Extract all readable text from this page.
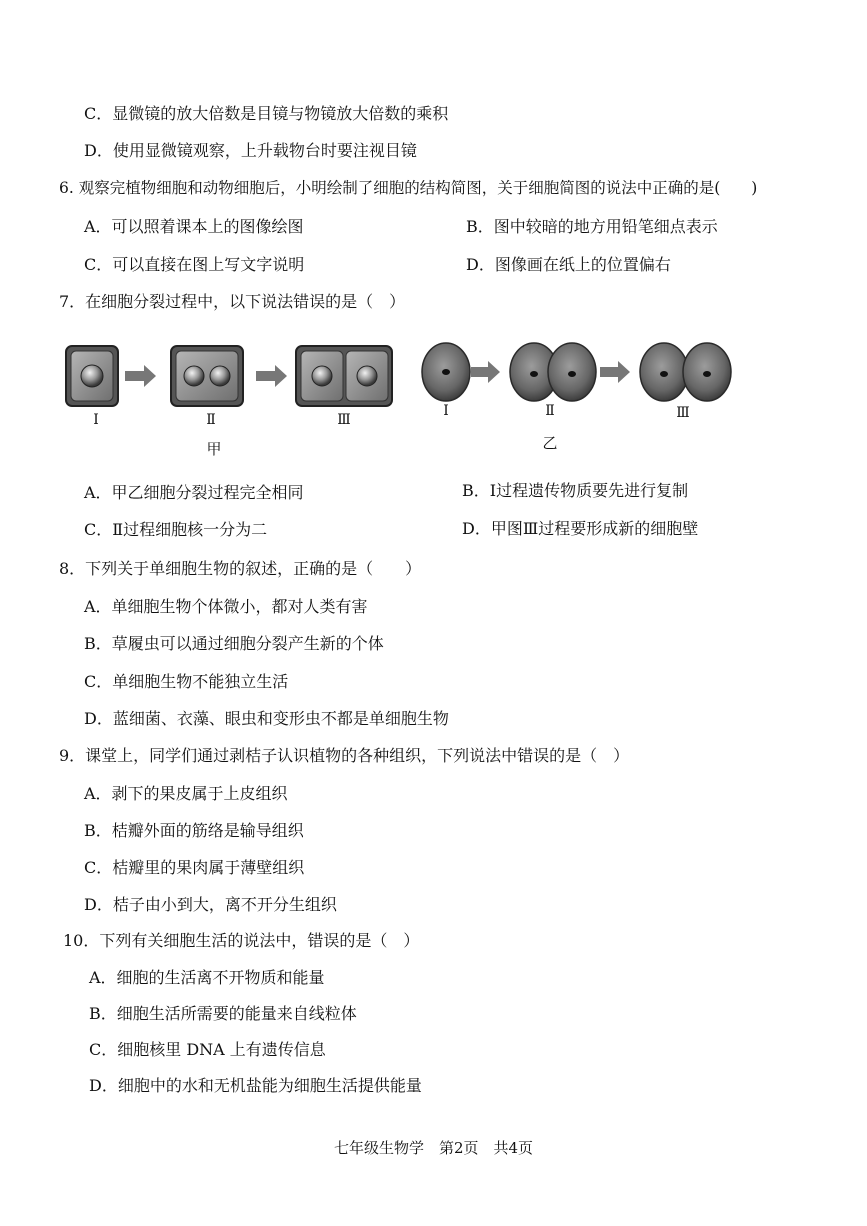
C．显微镜的放大倍数是目镜与物镜放大倍数的乘积
D．使用显微镜观察，上升载物台时要注视目镜
6. 观察完植物细胞和动物细胞后，小明绘制了细胞的结构简图，关于细胞简图的说法中正确的是(　　)
A．可以照着课本上的图像绘图	B．图中较暗的地方用铅笔细点表示
C．可以直接在图上写文字说明	D．图像画在纸上的位置偏右
7．在细胞分裂过程中，以下说法错误的是（　）
Ⅰ	Ⅱ	Ⅲ
甲
Ⅰ	Ⅱ	Ⅲ
乙
A．甲乙细胞分裂过程完全相同	B．Ⅰ过程遗传物质要先进行复制
C．Ⅱ过程细胞核一分为二	D．甲图Ⅲ过程要形成新的细胞壁
8．下列关于单细胞生物的叙述，正确的是（　　）
A．单细胞生物个体微小，都对人类有害
B．草履虫可以通过细胞分裂产生新的个体
C．单细胞生物不能独立生活
D．蓝细菌、衣藻、眼虫和变形虫不都是单细胞生物
9．课堂上，同学们通过剥桔子认识植物的各种组织，下列说法中错误的是（　）
A．剥下的果皮属于上皮组织
B．桔瓣外面的筋络是输导组织
C．桔瓣里的果肉属于薄壁组织
D．桔子由小到大，离不开分生组织
10．下列有关细胞生活的说法中，错误的是（　）
A．细胞的生活离不开物质和能量
B．细胞生活所需要的能量来自线粒体
C．细胞核里 DNA 上有遗传信息
D．细胞中的水和无机盐能为细胞生活提供能量
七年级生物学　第2页　共4页
